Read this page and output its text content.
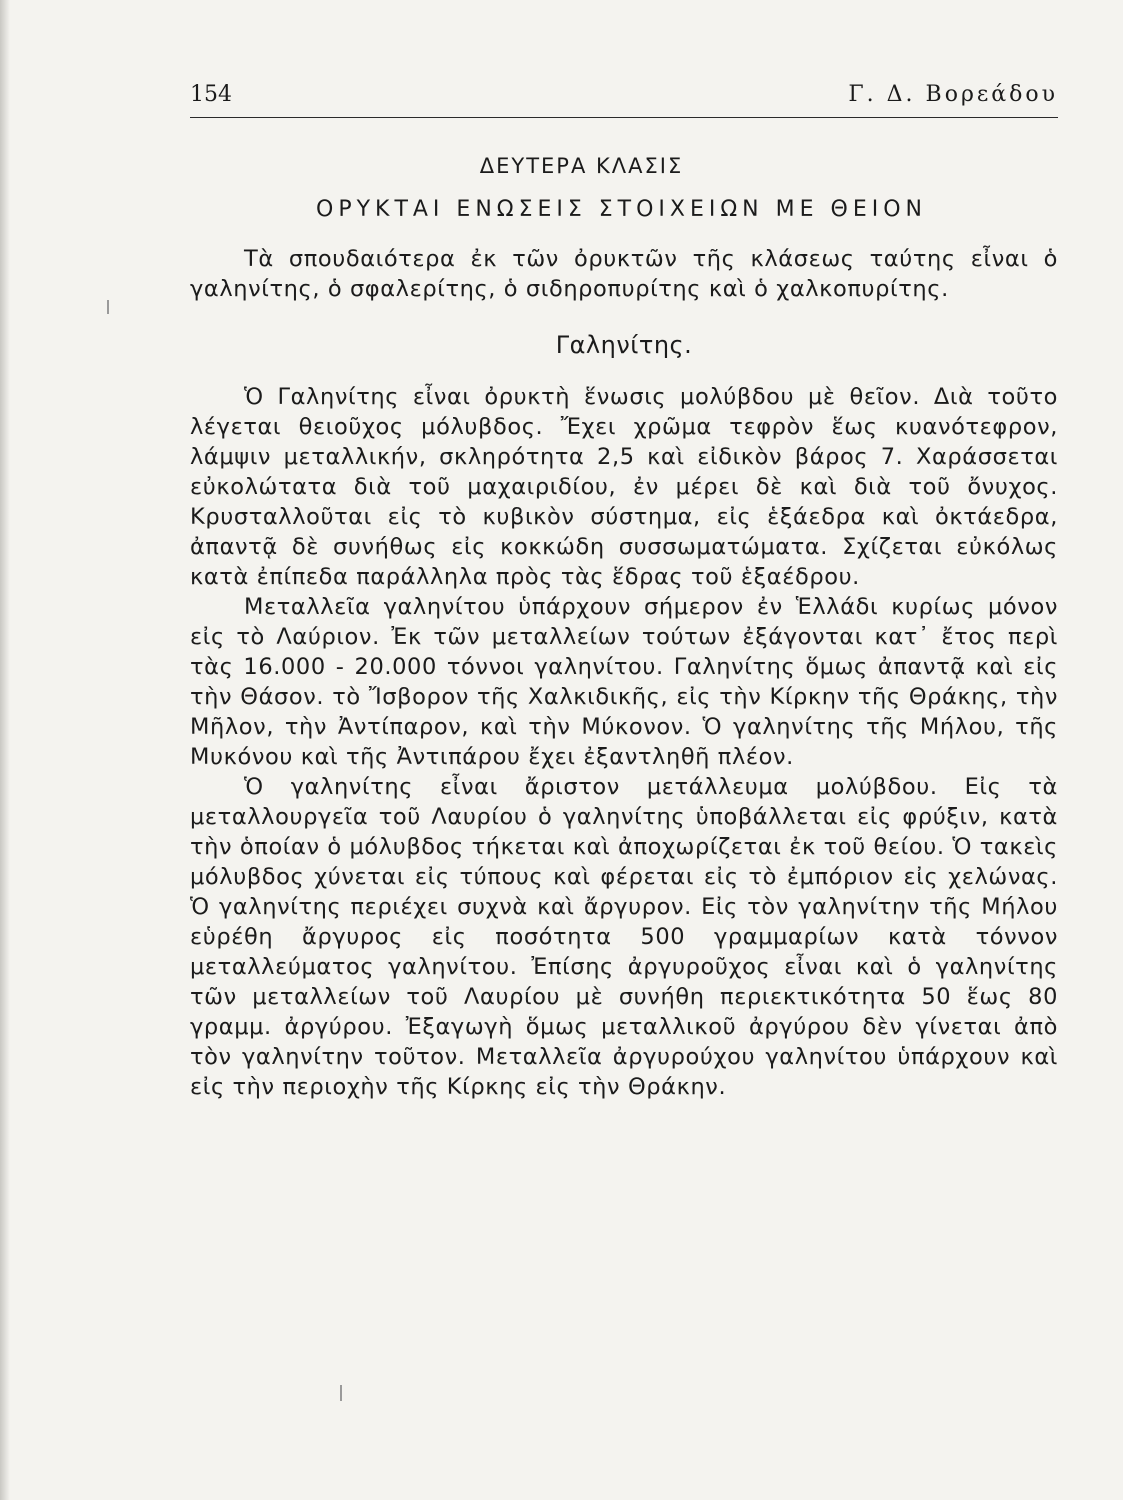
154	Γ. Δ. Βορεάδου
ΔΕΥΤΕΡΑ ΚΛΑΣΙΣ
ΟΡΥΚΤΑΙ ΕΝΩΣΕΙΣ ΣΤΟΙΧΕΙΩΝ ΜΕ ΘΕΙΟΝ

Τὰ σπουδαιότερα ἐκ τῶν ὀρυκτῶν τῆς κλάσεως ταύτης εἶναι ὁ γαληνίτης, ὁ σφαλερίτης, ὁ σιδηροπυρίτης καὶ ὁ χαλκοπυρίτης.

Γαληνίτης.

Ὁ Γαληνίτης εἶναι ὀρυκτὴ ἕνωσις μολύβδου μὲ θεῖον. Διὰ τοῦτο λέγεται θειοῦχος μόλυβδος. Ἔχει χρῶμα τεφρὸν ἕως κυανότεφρον, λάμψιν μεταλλικήν, σκληρότητα 2,5 καὶ εἰδικὸν βάρος 7. Χαράσσεται εὐκολώτατα διὰ τοῦ μαχαιριδίου, ἐν μέρει δὲ καὶ διὰ τοῦ ὄνυχος. Κρυσταλλοῦται εἰς τὸ κυβικὸν σύστημα, εἰς ἑξάεδρα καὶ ὀκτάεδρα, ἀπαντᾷ δὲ συνήθως εἰς κοκκώδη συσσωματώματα. Σχίζεται εὐκόλως κατὰ ἐπίπεδα παράλληλα πρὸς τὰς ἕδρας τοῦ ἑξαέδρου.

Μεταλλεῖα γαληνίτου ὑπάρχουν σήμερον ἐν Ἑλλάδι κυρίως μόνον εἰς τὸ Λαύριον. Ἐκ τῶν μεταλλείων τούτων ἐξάγονται κατ᾽ ἔτος περὶ τὰς 16.000 - 20.000 τόννοι γαληνίτου. Γαληνίτης ὅμως ἀπαντᾷ καὶ εἰς τὴν Θάσον. τὸ Ἴσβορον τῆς Χαλκιδικῆς, εἰς τὴν Κίρκην τῆς Θράκης, τὴν Μῆλον, τὴν Ἀντίπαρον, καὶ τὴν Μύκονον. Ὁ γαληνίτης τῆς Μήλου, τῆς Μυκόνου καὶ τῆς Ἀντιπάρου ἔχει ἐξαντληθῆ πλέον.

Ὁ γαληνίτης εἶναι ἄριστον μετάλλευμα μολύβδου. Εἰς τὰ μεταλλουργεῖα τοῦ Λαυρίου ὁ γαληνίτης ὑποβάλλεται εἰς φρύξιν, κατὰ τὴν ὁποίαν ὁ μόλυβδος τήκεται καὶ ἀποχωρίζεται ἐκ τοῦ θείου. Ὁ τακεὶς μόλυβδος χύνεται εἰς τύπους καὶ φέρεται εἰς τὸ ἐμπόριον εἰς χελώνας. Ὁ γαληνίτης περιέχει συχνὰ καὶ ἄργυρον. Εἰς τὸν γαληνίτην τῆς Μήλου εὑρέθη ἄργυρος εἰς ποσότητα 500 γραμμαρίων κατὰ τόννον μεταλλεύματος γαληνίτου. Ἐπίσης ἀργυροῦχος εἶναι καὶ ὁ γαληνίτης τῶν μεταλλείων τοῦ Λαυρίου μὲ συνήθη περιεκτικότητα 50 ἕως 80 γραμμ. ἀργύρου. Ἐξαγωγὴ ὅμως μεταλλικοῦ ἀργύρου δὲν γίνεται ἀπὸ τὸν γαληνίτην τοῦτον. Μεταλλεῖα ἀργυρούχου γαληνίτου ὑπάρχουν καὶ εἰς τὴν περιοχὴν τῆς Κίρκης εἰς τὴν Θράκην.
